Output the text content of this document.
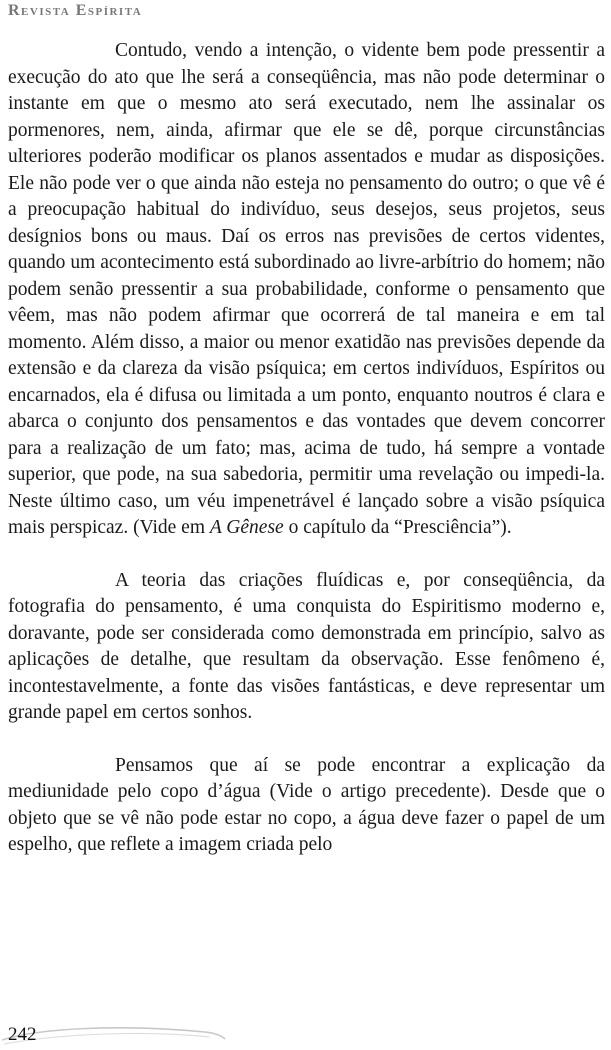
Revista Espírita

Contudo, vendo a intenção, o vidente bem pode pressentir a execução do ato que lhe será a conseqüência, mas não pode determinar o instante em que o mesmo ato será executado, nem lhe assinalar os pormenores, nem, ainda, afirmar que ele se dê, porque circunstâncias ulteriores poderão modificar os planos assentados e mudar as disposições. Ele não pode ver o que ainda não esteja no pensamento do outro; o que vê é a preocupação habitual do indivíduo, seus desejos, seus projetos, seus desígnios bons ou maus. Daí os erros nas previsões de certos videntes, quando um acontecimento está subordinado ao livre-arbítrio do homem; não podem senão pressentir a sua probabilidade, conforme o pensamento que vêem, mas não podem afirmar que ocorrerá de tal maneira e em tal momento. Além disso, a maior ou menor exatidão nas previsões depende da extensão e da clareza da visão psíquica; em certos indivíduos, Espíritos ou encarnados, ela é difusa ou limitada a um ponto, enquanto noutros é clara e abarca o conjunto dos pensamentos e das vontades que devem concorrer para a realização de um fato; mas, acima de tudo, há sempre a vontade superior, que pode, na sua sabedoria, permitir uma revelação ou impedi-la. Neste último caso, um véu impenetrável é lançado sobre a visão psíquica mais perspicaz. (Vide em A Gênese o capítulo da “Presciência”).

A teoria das criações fluídicas e, por conseqüência, da fotografia do pensamento, é uma conquista do Espiritismo moderno e, doravante, pode ser considerada como demonstrada em princípio, salvo as aplicações de detalhe, que resultam da observação. Esse fenômeno é, incontestavelmente, a fonte das visões fantásticas, e deve representar um grande papel em certos sonhos.

Pensamos que aí se pode encontrar a explicação da mediunidade pelo copo d’água (Vide o artigo precedente). Desde que o objeto que se vê não pode estar no copo, a água deve fazer o papel de um espelho, que reflete a imagem criada pelo

242
